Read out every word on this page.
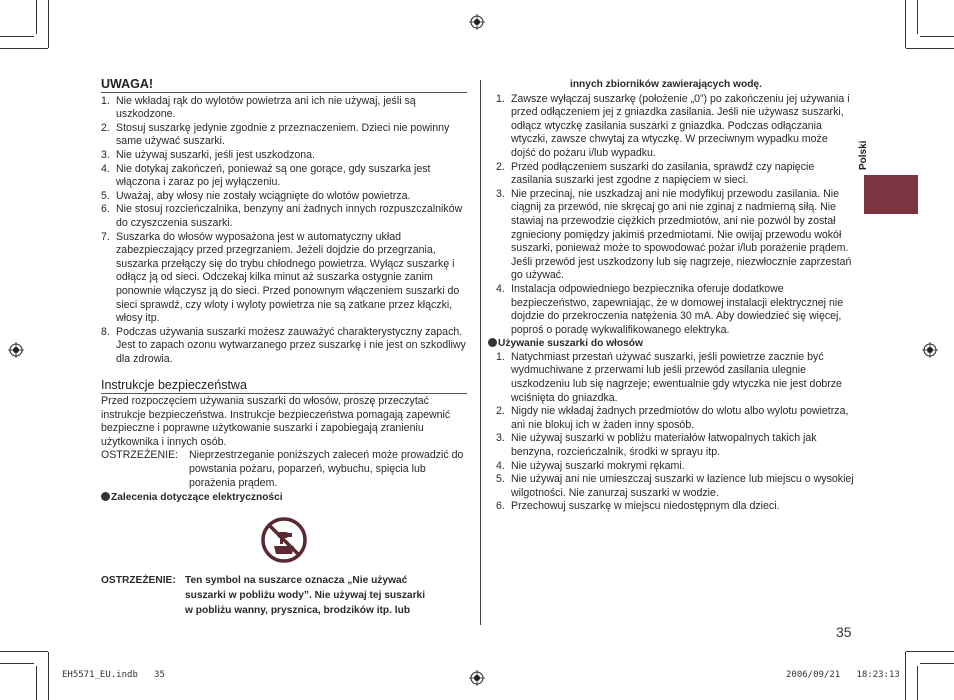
Polski
UWAGA!
1. Nie wkładaj rąk do wylotów powietrza ani ich nie używaj, jeśli są uszkodzone.
2. Stosuj suszarkę jedynie zgodnie z przeznaczeniem. Dzieci nie powinny same używać suszarki.
3. Nie używaj suszarki, jeśli jest uszkodzona.
4. Nie dotykaj zakończeń, ponieważ są one gorące, gdy suszarka jest włączona i zaraz po jej wyłączeniu.
5. Uważaj, aby włosy nie zostały wciągnięte do wlotów powietrza.
6. Nie stosuj rozcieńczalnika, benzyny ani żadnych innych rozpuszczalników do czyszczenia suszarki.
7. Suszarka do włosów wyposażona jest w automatyczny układ zabezpieczający przed przegrzaniem. Jeżeli dojdzie do przegrzania, suszarka przełączy się do trybu chłodnego powietrza. Wyłącz suszarkę i odłącz ją od sieci. Odczekaj kilka minut aż suszarka ostygnie zanim ponownie włączysz ją do sieci. Przed ponownym włączeniem suszarki do sieci sprawdź, czy wloty i wyloty powietrza nie są zatkane przez kłączki, włosy itp.
8. Podczas używania suszarki możesz zauważyć charakterystyczny zapach. Jest to zapach ozonu wytwarzanego przez suszarkę i nie jest on szkodliwy dla zdrowia.
Instrukcje bezpieczeństwa

Przed rozpoczęciem używania suszarki do włosów, proszę przeczytać instrukcje bezpieczeństwa. Instrukcje bezpieczeństwa pomagają zapewnić bezpieczne i poprawne użytkowanie suszarki i zapobiegają zranieniu użytkownika i innych osób.

OSTRZEŻENIE:	Nieprzestrzeganie poniższych zaleceń może prowadzić do powstania pożaru, poparzeń, wybuchu, spięcia lub porażenia prądem.
Zalecenia dotyczące elektryczności
OSTRZEŻENIE: Ten symbol na suszarce oznacza „Nie używać
suszarki w pobliżu wody”. Nie używaj tej suszarki
w pobliżu wanny, prysznica, brodzików itp. lub
innych zbiorników zawierających wodę.
1. Zawsze wyłączaj suszarkę (położenie „0”) po zakończeniu jej używania i przed odłączeniem jej z gniazdka zasilania. Jeśli nie używasz suszarki, odłącz wtyczkę zasilania suszarki z gniazdka. Podczas odłączania wtyczki, zawsze chwytaj za wtyczkę. W przeciwnym wypadku może dojść do pożaru i/lub wypadku.
2. Przed podłączeniem suszarki do zasilania, sprawdź czy napięcie zasilania suszarki jest zgodne z napięciem w sieci.
3. Nie przecinaj, nie uszkadzaj ani nie modyfikuj przewodu zasilania. Nie ciągnij za przewód, nie skręcaj go ani nie zginaj z nadmierną siłą. Nie stawiaj na przewodzie ciężkich przedmiotów, ani nie pozwól by został zgnieciony pomiędzy jakimiś przedmiotami. Nie owijaj przewodu wokół suszarki, ponieważ może to spowodować pożar i/lub porażenie prądem. Jeśli przewód jest uszkodzony lub się nagrzeje, niezwłocznie zaprzestań go używać.
4. Instalacja odpowiedniego bezpiecznika oferuje dodatkowe bezpieczeństwo, zapewniając, że w domowej instalacji elektrycznej nie dojdzie do przekroczenia natężenia 30 mA. Aby dowiedzieć się więcej, poproś o poradę wykwalifikowanego elektryka.
Używanie suszarki do włosów
1. Natychmiast przestań używać suszarki, jeśli powietrze zacznie być wydmuchiwane z przerwami lub jeśli przewód zasilania ulegnie uszkodzeniu lub się nagrzeje; ewentualnie gdy wtyczka nie jest dobrze wciśnięta do gniazdka.
2. Nigdy nie wkładaj żadnych przedmiotów do wlotu albo wylotu powietrza, ani nie blokuj ich w żaden inny sposób.
3. Nie używaj suszarki w pobliżu materiałów łatwopalnych takich jak benzyna, rozcieńczalnik, środki w sprayu itp.
4. Nie używaj suszarki mokrymi rękami.
5. Nie używaj ani nie umieszczaj suszarki w łazience lub miejscu o wysokiej wilgotności. Nie zanurzaj suszarki w wodzie.
6. Przechowuj suszarkę w miejscu niedostępnym dla dzieci.
35
EH5571_EU.indb   35	2006/09/21   18:23:13
